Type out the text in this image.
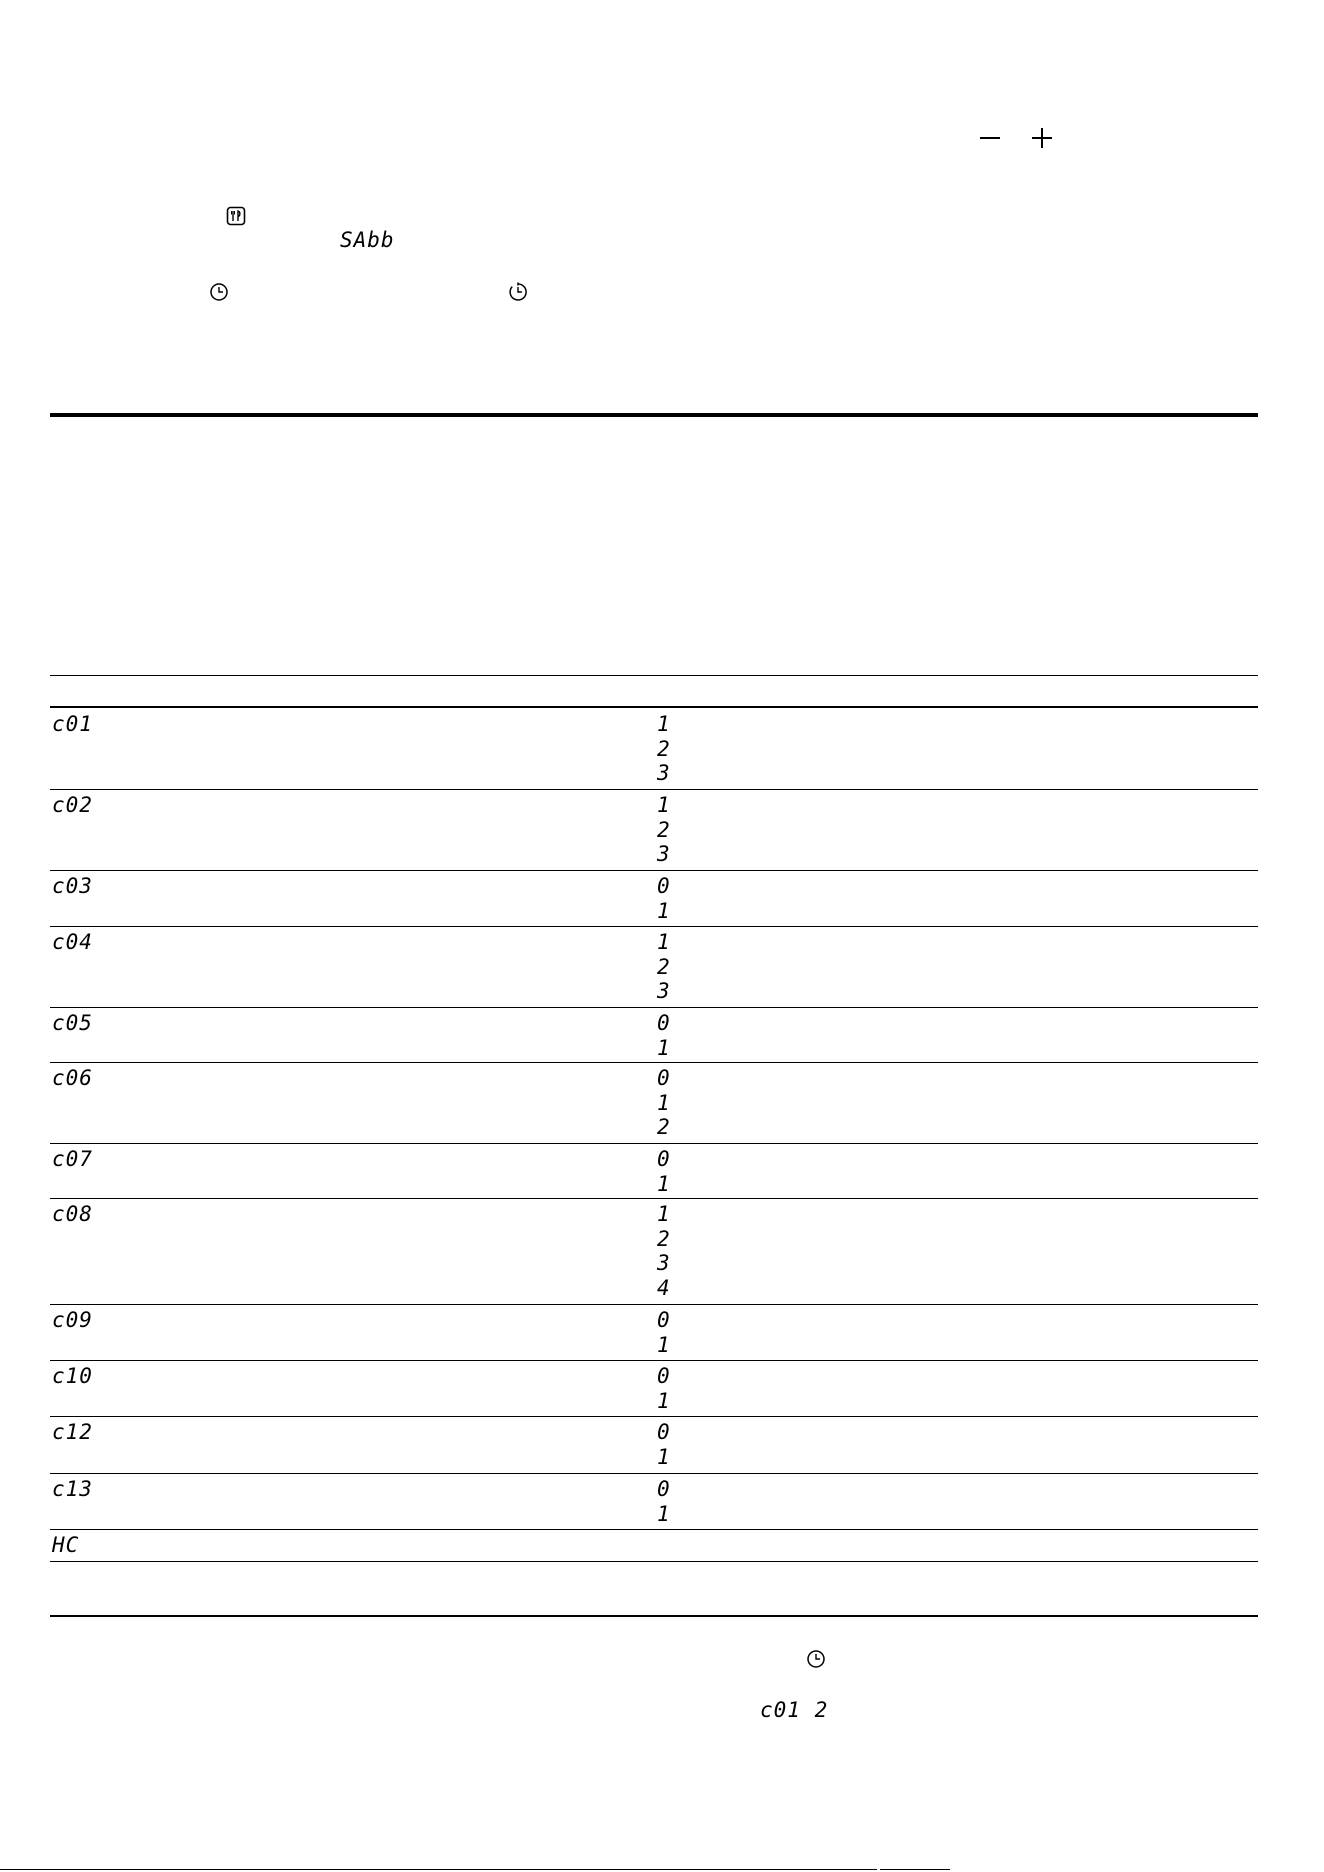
SAbb
c01	1
2
3
c02	1
2
3
c03	0
1
c04	1
2
3
c05	0
1
c06	0
1
2
c07	0
1
c08	1
2
3
4
c09	0
1
c10	0
1
c12	0
1
c13	0
1
HC
c01 2
